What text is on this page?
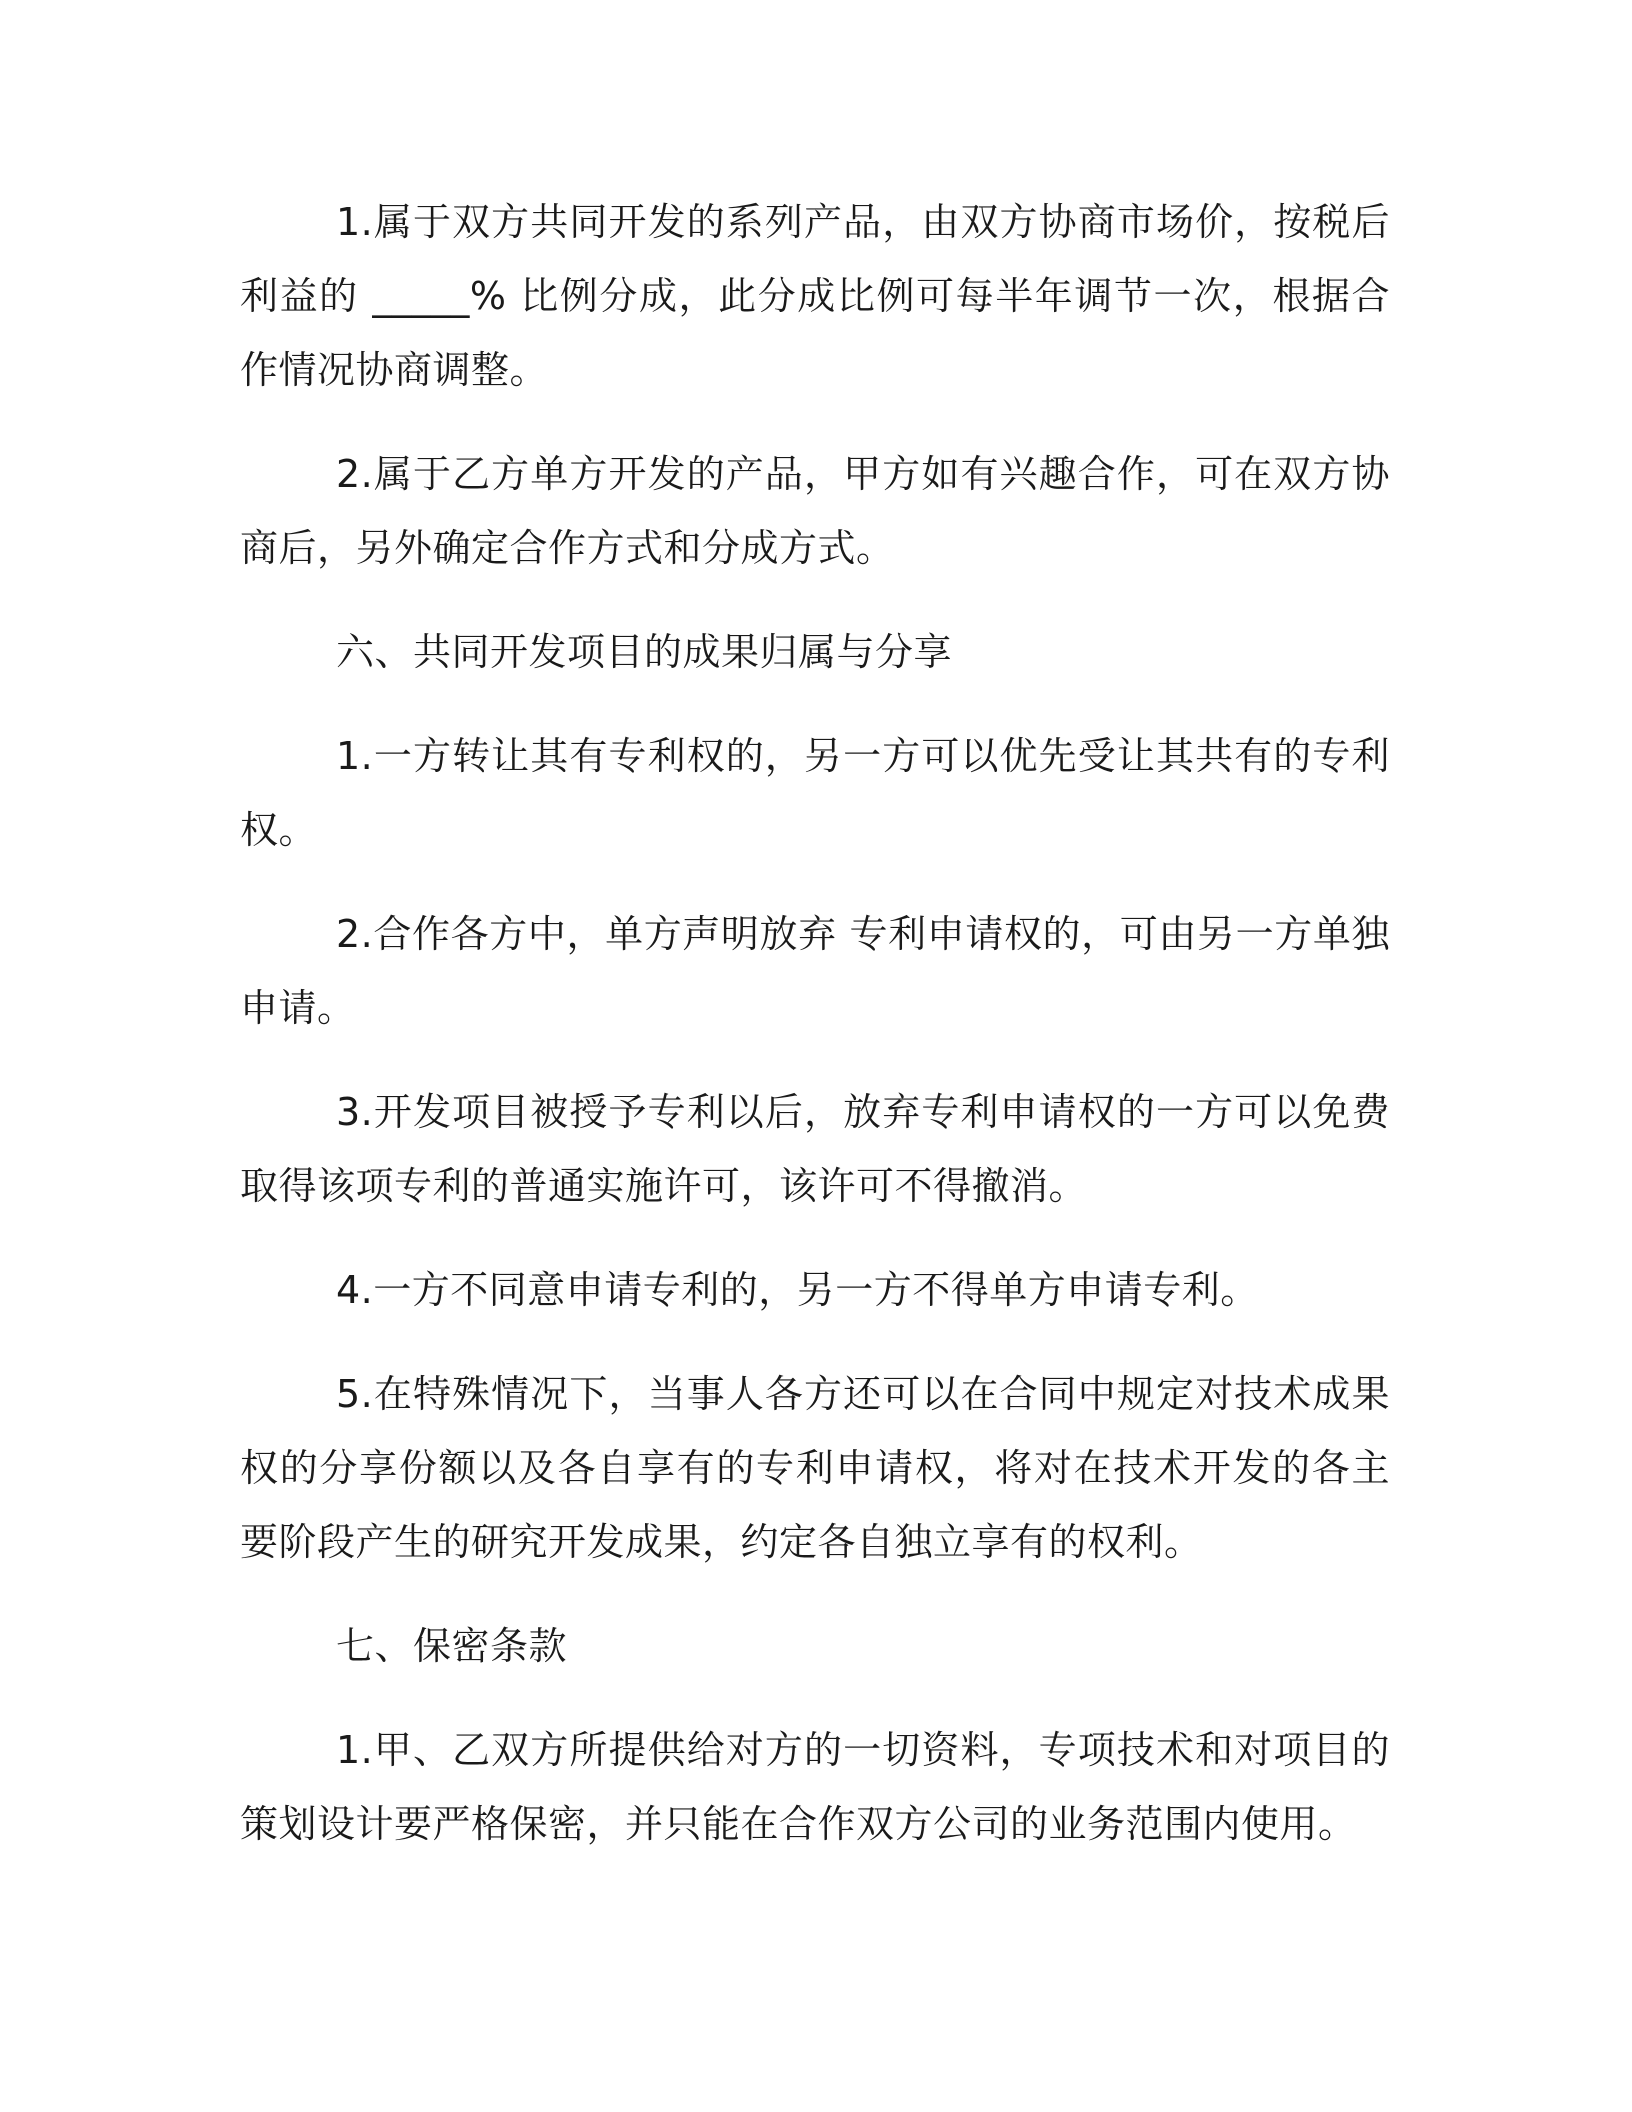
1.属于双方共同开发的系列产品，由双方协商市场价，按税后利益的 _____% 比例分成，此分成比例可每半年调节一次，根据合作情况协商调整。

2.属于乙方单方开发的产品，甲方如有兴趣合作，可在双方协商后，另外确定合作方式和分成方式。

六、共同开发项目的成果归属与分享

1.一方转让其有专利权的，另一方可以优先受让其共有的专利权。

2.合作各方中，单方声明放弃 专利申请权的，可由另一方单独申请。

3.开发项目被授予专利以后，放弃专利申请权的一方可以免费取得该项专利的普通实施许可，该许可不得撤消。

4.一方不同意申请专利的，另一方不得单方申请专利。

5.在特殊情况下，当事人各方还可以在合同中规定对技术成果权的分享份额以及各自享有的专利申请权，将对在技术开发的各主要阶段产生的研究开发成果，约定各自独立享有的权利。

七、保密条款

1.甲、乙双方所提供给对方的一切资料，专项技术和对项目的策划设计要严格保密，并只能在合作双方公司的业务范围内使用。
